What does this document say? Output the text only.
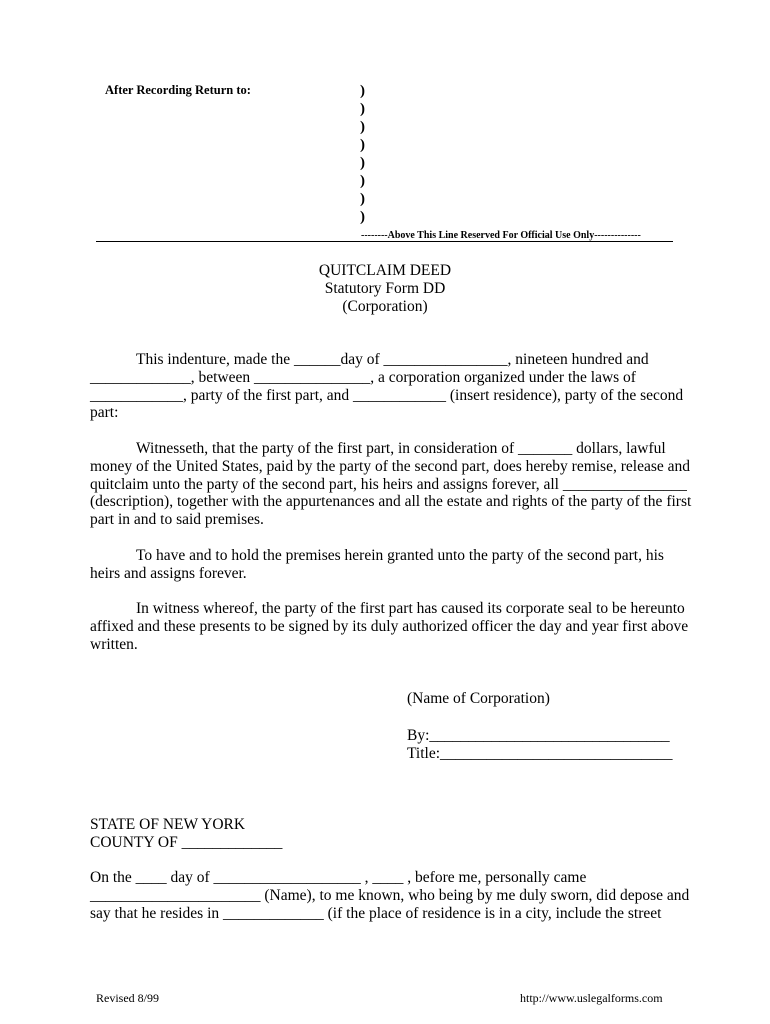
After Recording Return to:	)
)
)
)
)
)
)
)
--------Above This Line Reserved For Official Use Only--------------
QUITCLAIM DEED
Statutory Form DD
(Corporation)
This indenture, made the ______day of ________________, nineteen hundred and
_____________, between _______________, a corporation organized under the laws of
____________, party of the first part, and ____________ (insert residence), party of the second
part:
Witnesseth, that the party of the first part, in consideration of _______ dollars, lawful
money of the United States, paid by the party of the second part, does hereby remise, release and
quitclaim unto the party of the second part, his heirs and assigns forever, all ________________
(description), together with the appurtenances and all the estate and rights of the party of the first
part in and to said premises.
To have and to hold the premises herein granted unto the party of the second part, his
heirs and assigns forever.
In witness whereof, the party of the first part has caused its corporate seal to be hereunto
affixed and these presents to be signed by its duly authorized officer the day and year first above
written.
(Name of Corporation)
By:_______________________________
Title:______________________________
STATE OF NEW YORK
COUNTY OF _____________
On the ____ day of ___________________ , ____ , before me, personally came
______________________ (Name), to me known, who being by me duly sworn, did depose and
say that he resides in _____________ (if the place of residence is in a city, include the street
Revised 8/99	http://www.uslegalforms.com
